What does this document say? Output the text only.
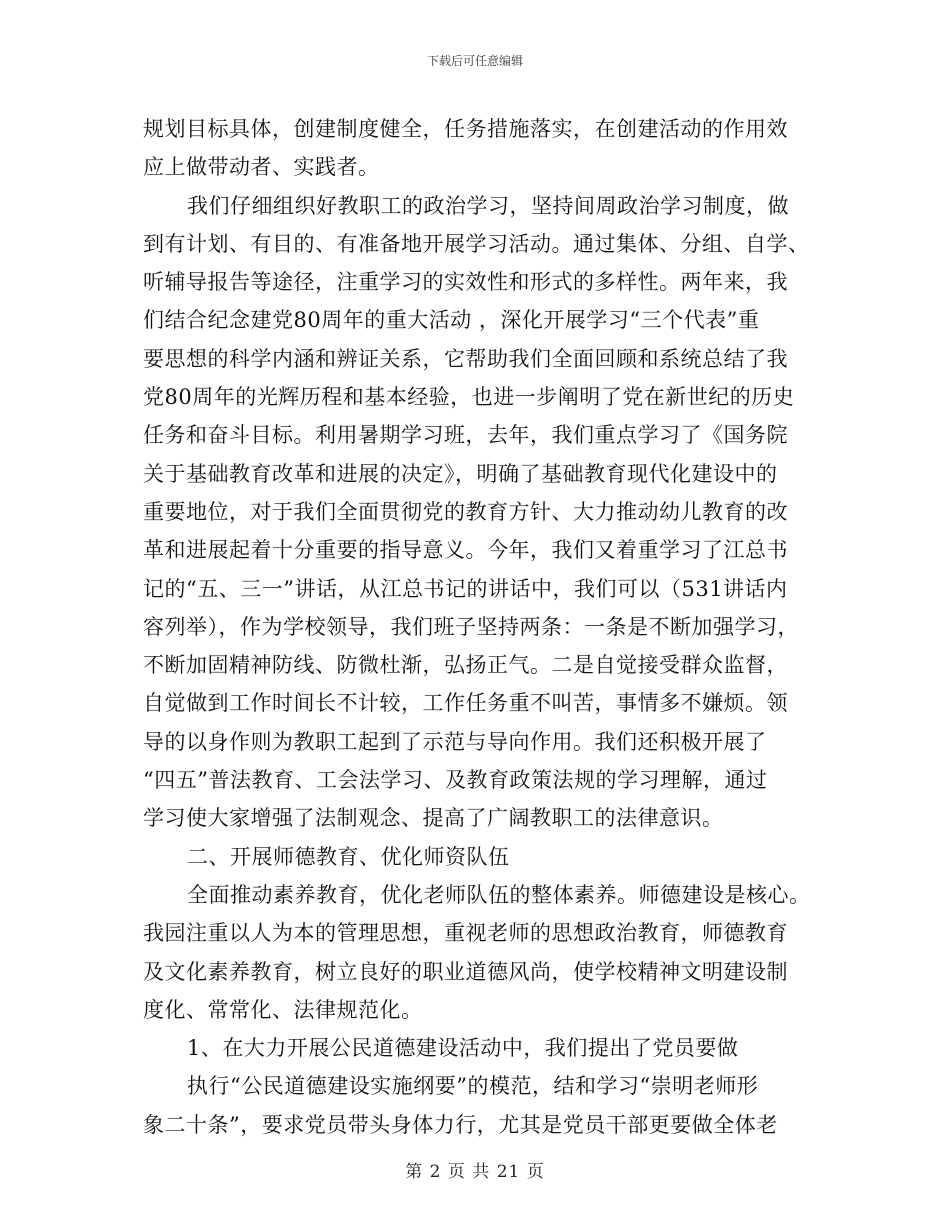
下载后可任意编辑
规划目标具体，创建制度健全，任务措施落实，在创建活动的作用效
应上做带动者、实践者。
我们仔细组织好教职工的政治学习，坚持间周政治学习制度，做
到有计划、有目的、有准备地开展学习活动。通过集体、分组、自学、
听辅导报告等途径，注重学习的实效性和形式的多样性。两年来，我
们结合纪念建党80周年的重大活动 ，深化开展学习“三个代表”重
要思想的科学内涵和辨证关系，它帮助我们全面回顾和系统总结了我
党80周年的光辉历程和基本经验，也进一步阐明了党在新世纪的历史
任务和奋斗目标。利用暑期学习班，去年，我们重点学习了《国务院
关于基础教育改革和进展的决定》，明确了基础教育现代化建设中的
重要地位，对于我们全面贯彻党的教育方针、大力推动幼儿教育的改
革和进展起着十分重要的指导意义。今年，我们又着重学习了江总书
记的“五、三一”讲话，从江总书记的讲话中，我们可以（531讲话内
容列举），作为学校领导，我们班子坚持两条：一条是不断加强学习，
不断加固精神防线、防微杜渐，弘扬正气。二是自觉接受群众监督，
自觉做到工作时间长不计较，工作任务重不叫苦，事情多不嫌烦。领
导的以身作则为教职工起到了示范与导向作用。我们还积极开展了
“四五”普法教育、工会法学习、及教育政策法规的学习理解，通过
学习使大家增强了法制观念、提高了广阔教职工的法律意识。
二、开展师德教育、优化师资队伍
全面推动素养教育，优化老师队伍的整体素养。师德建设是核心。
我园注重以人为本的管理思想，重视老师的思想政治教育，师德教育
及文化素养教育，树立良好的职业道德风尚，使学校精神文明建设制
度化、常常化、法律规范化。
1、在大力开展公民道德建设活动中，我们提出了党员要做
执行“公民道德建设实施纲要”的模范，结和学习“崇明老师形
象二十条”，要求党员带头身体力行，尤其是党员干部更要做全体老
第 2 页 共 21 页
